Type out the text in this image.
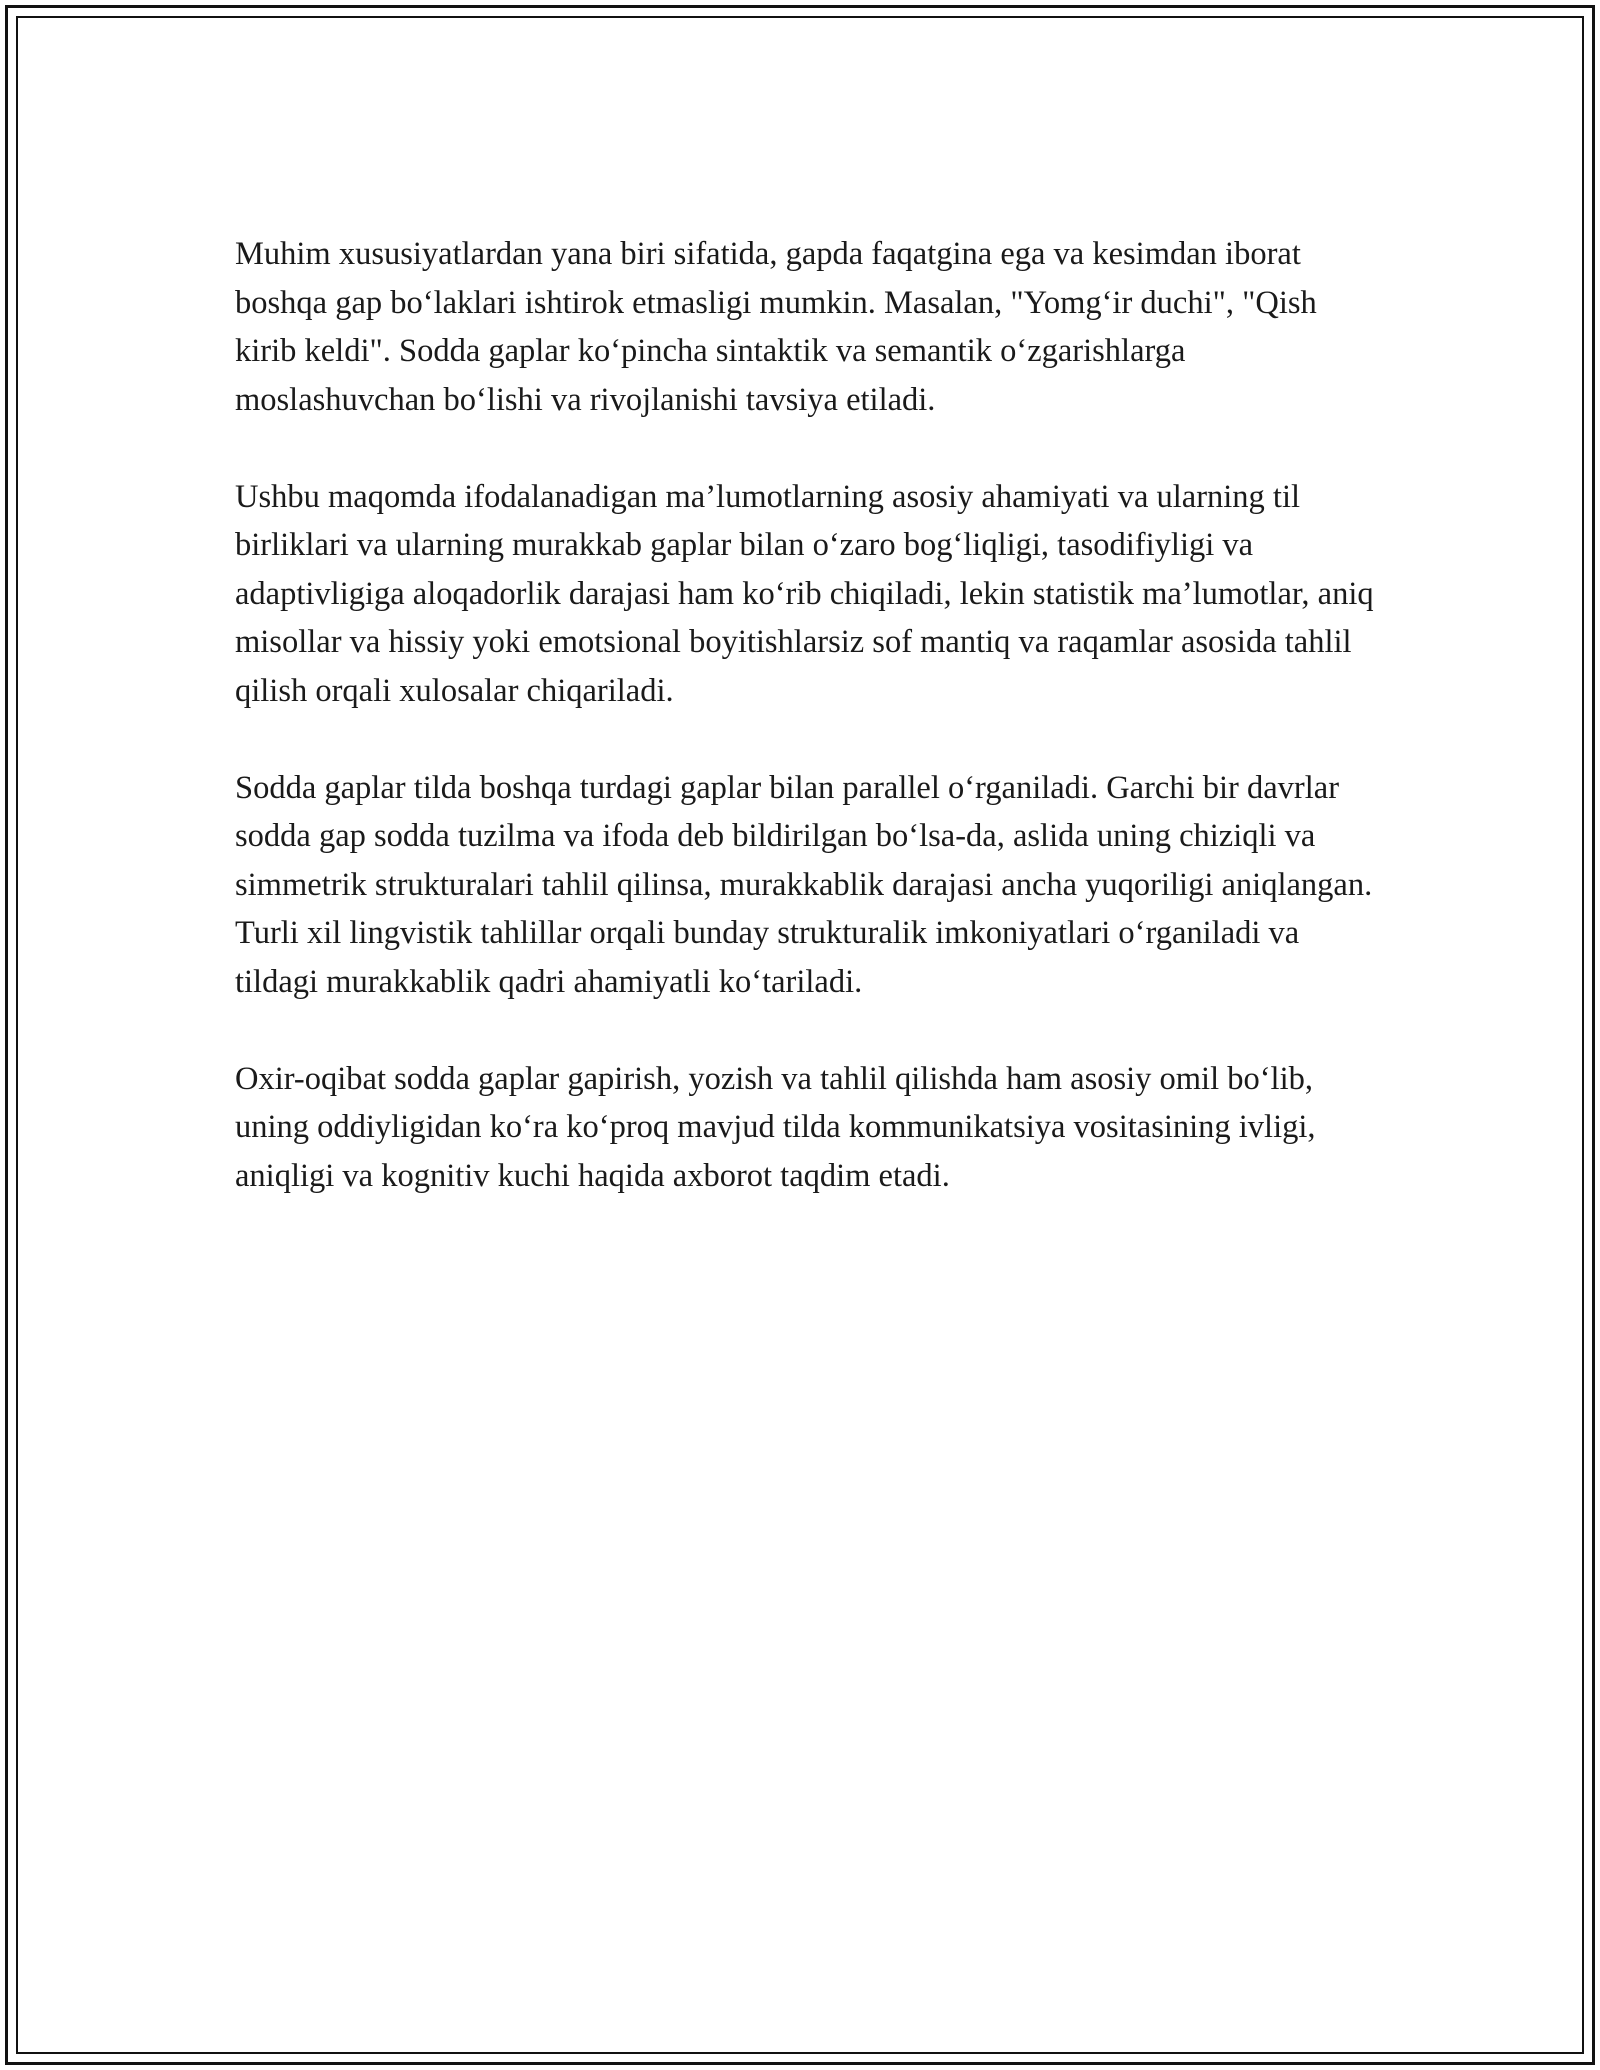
Muhim xususiyatlardan yana biri sifatida, gapda faqatgina ega va kesimdan iborat boshqa gap bo‘laklari ishtirok etmasligi mumkin. Masalan, "Yomg‘ir duchi", "Qish kirib keldi". Sodda gaplar ko‘pincha sintaktik va semantik o‘zgarishlarga moslashuvchan bo‘lishi va rivojlanishi tavsiya etiladi.

Ushbu maqomda ifodalanadigan ma’lumotlarning asosiy ahamiyati va ularning til birliklari va ularning murakkab gaplar bilan o‘zaro bog‘liqligi, tasodifiyligi va adaptivligiga aloqadorlik darajasi ham ko‘rib chiqiladi, lekin statistik ma’lumotlar, aniq misollar va hissiy yoki emotsional boyitishlarsiz sof mantiq va raqamlar asosida tahlil qilish orqali xulosalar chiqariladi.

Sodda gaplar tilda boshqa turdagi gaplar bilan parallel o‘rganiladi. Garchi bir davrlar sodda gap sodda tuzilma va ifoda deb bildirilgan bo‘lsa-da, aslida uning chiziqli va simmetrik strukturalari tahlil qilinsa, murakkablik darajasi ancha yuqoriligi aniqlangan. Turli xil lingvistik tahlillar orqali bunday strukturalik imkoniyatlari o‘rganiladi va tildagi murakkablik qadri ahamiyatli ko‘tariladi.

Oxir-oqibat sodda gaplar gapirish, yozish va tahlil qilishda ham asosiy omil bo‘lib, uning oddiyligidan ko‘ra ko‘proq mavjud tilda kommunikatsiya vositasining ivligi, aniqligi va kognitiv kuchi haqida axborot taqdim etadi.
